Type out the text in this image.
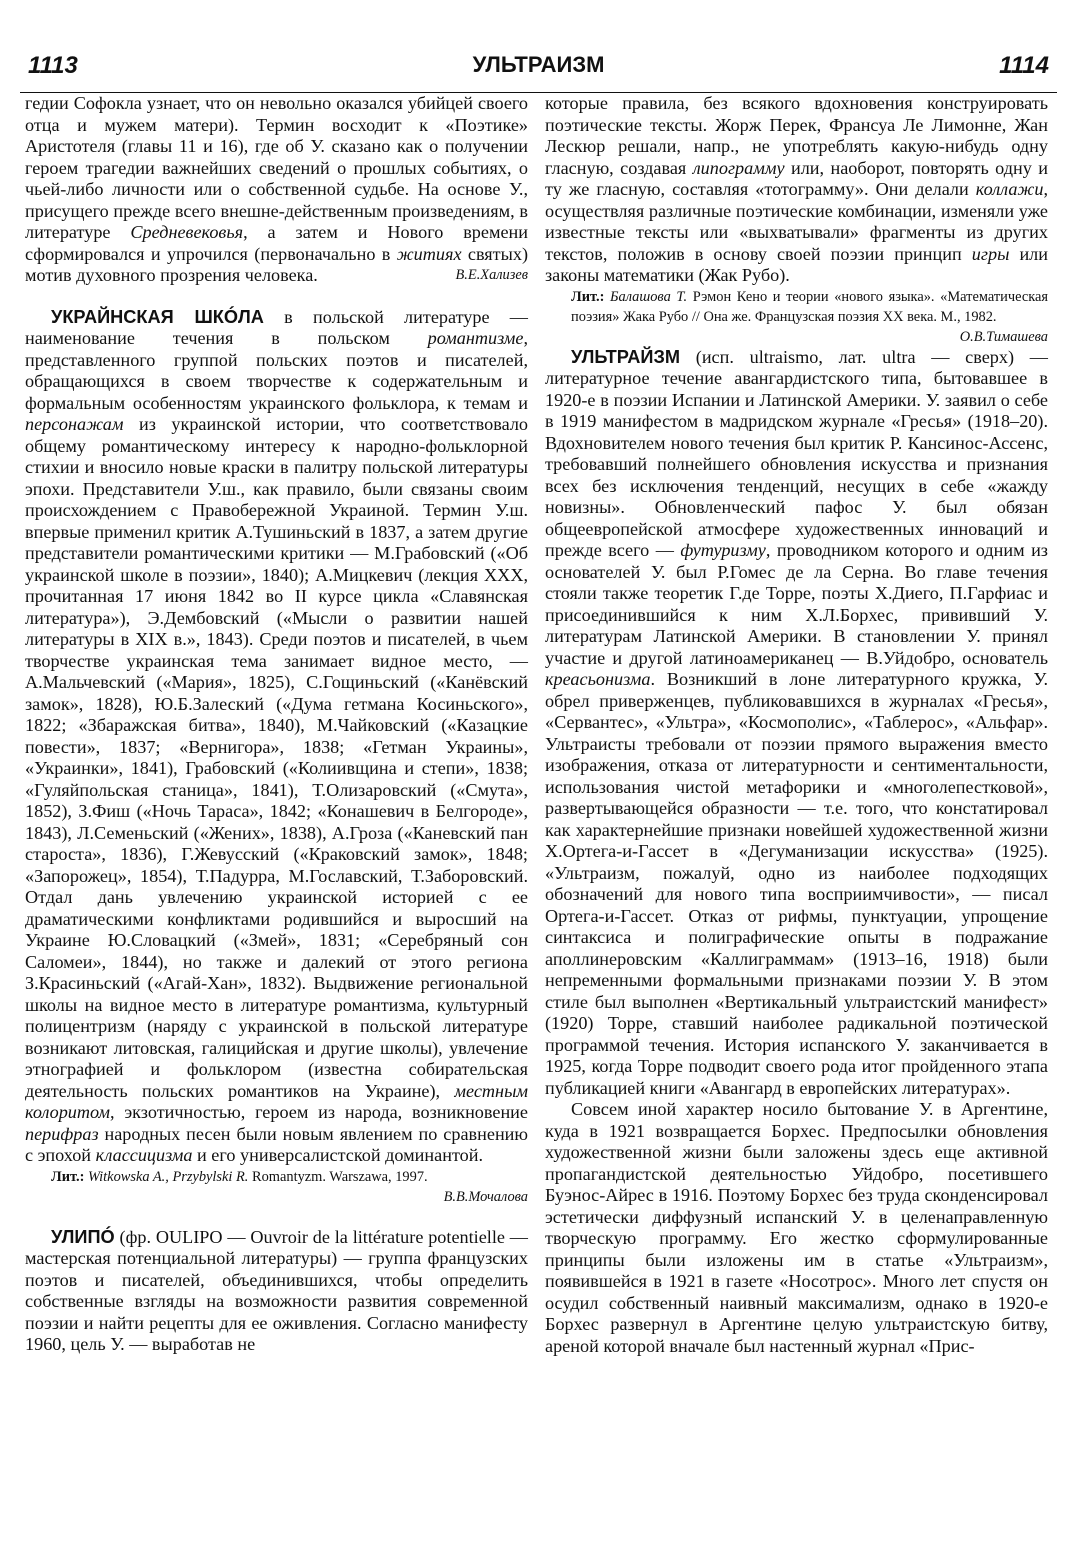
1113	УЛЬТРАИЗМ	1114

гедии Софокла узнает, что он невольно оказался убийцей своего отца и мужем матери). Термин восходит к «Поэтике» Аристотеля (главы 11 и 16), где об У. сказано как о получении героем трагедии важнейших сведений о прошлых событиях, о чьей-либо личности или о собственной судьбе. На основе У., присущего прежде всего внешне-действенным произведениям, в литературе Средневековья, а затем и Нового времени сформировался и упрочился (первоначально в житиях святых) мотив духовного прозрения человека.	В.Е.Хализев

УКРАЙНСКАЯ ШКÓЛА в польской литературе — наименование течения в польском романтизме, представленного группой польских поэтов и писателей, обращающихся в своем творчестве к содержательным и формальным особенностям украинского фольклора, к темам и персонажам из украинской истории, что соответствовало общему романтическому интересу к народно-фольклорной стихии и вносило новые краски в палитру польской литературы эпохи. Представители У.ш., как правило, были связаны своим происхождением с Правобережной Украиной. Термин У.ш. впервые применил критик А.Тушиньский в 1837, а затем другие представители романтическими критики — М.Грабовский («Об украинской школе в поэзии», 1840); А.Мицкевич (лекция XXX, прочитанная 17 июня 1842 во II курсе цикла «Славянская литература»), Э.Дембовский («Мысли о развитии нашей литературы в XIX в.», 1843). Среди поэтов и писателей, в чьем творчестве украинская тема занимает видное место, — А.Мальчевский («Мария», 1825), С.Гощиньский («Канёвский замок», 1828), Ю.Б.Залеский («Дума гетмана Косиньского», 1822; «Збаражская битва», 1840), М.Чайковский («Казацкие повести», 1837; «Вернигора», 1838; «Гетман Украины», «Украинки», 1841), Грабовский («Колиивщина и степи», 1838; «Гуляйпольская станица», 1841), Т.Олизаровский («Смута», 1852), З.Фиш («Ночь Тараса», 1842; «Конашевич в Белгороде», 1843), Л.Семеньский («Жених», 1838), А.Гроза («Каневский пан староста», 1836), Г.Жевусский («Краковский замок», 1848; «Запорожец», 1854), Т.Падурра, М.Гославский, Т.Заборовский. Отдал дань увлечению украинской историей с ее драматическими конфликтами родившийся и выросший на Украине Ю.Словацкий («Змей», 1831; «Серебряный сон Саломеи», 1844), но также и далекий от этого региона З.Красиньский («Агай-Хан», 1832). Выдвижение региональной школы на видное место в литературе романтизма, культурный полицентризм (наряду с украинской в польской литературе возникают литовская, галицийская и другие школы), увлечение этнографией и фольклором (известна собирательская деятельность польских романтиков на Украине), местным колоритом, экзотичностью, героем из народа, возникновение перифраз народных песен были новым явлением по сравнению с эпохой классицизма и его универсалистской доминантой.

Лит.: Witkowska A., Przybylski R. Romantyzm. Warszawa, 1997.

В.В.Мочалова

УЛИПÓ (фр. OULIPO — Ouvroir de la littérature potentielle — мастерская потенциальной литературы) — группа французских поэтов и писателей, объединившихся, чтобы определить собственные взгляды на возможности развития современной поэзии и найти рецепты для ее оживления. Согласно манифесту 1960, цель У. — выработав не

которые правила, без всякого вдохновения конструировать поэтические тексты. Жорж Перек, Франсуа Ле Лимонне, Жан Лескюр решали, напр., не употреблять какую-нибудь одну гласную, создавая липограмму или, наоборот, повторять одну и ту же гласную, составляя «тотограмму». Они делали коллажи, осуществляя различные поэтические комбинации, изменяли уже известные тексты или «выхватывали» фрагменты из других текстов, положив в основу своей поэзии принцип игры или законы математики (Жак Рубо).

Лит.: Балашова Т. Рэмон Кено и теории «нового языка». «Математическая поэзия» Жака Рубо // Она же. Французская поэзия XX века. М., 1982.
О.В.Тимашева

УЛЬТРАЙЗМ (исп. ultraismo, лат. ultra — сверх) — литературное течение авангардистского типа, бытовавшее в 1920-е в поэзии Испании и Латинской Америки. У. заявил о себе в 1919 манифестом в мадридском журнале «Гресья» (1918–20). Вдохновителем нового течения был критик Р. Кансинос-Ассенс, требовавший полнейшего обновления искусства и признания всех без исключения тенденций, несущих в себе «жажду новизны». Обновленческий пафос У. был обязан общеевропейской атмосфере художественных инноваций и прежде всего — футуризму, проводником которого и одним из основателей У. был Р.Гомес де ла Серна. Во главе течения стояли также теоретик Г.де Торре, поэты Х.Диего, П.Гарфиас и присоединившийся к ним Х.Л.Борхес, прививший У. литературам Латинской Америки. В становлении У. принял участие и другой латиноамериканец — В.Уйдобро, основатель креасьонизма. Возникший в лоне литературного кружка, У. обрел приверженцев, публиковавшихся в журналах «Гресья», «Сервантес», «Ультра», «Космополис», «Таблерос», «Альфар». Ультраисты требовали от поэзии прямого выражения вместо изображения, отказа от литературности и сентиментальности, использования чистой метафорики и «многолепестковой», развертывающейся образности — т.е. того, что констатировал как характернейшие признаки новейшей художественной жизни Х.Ортега-и-Гассет в «Дегуманизации искусства» (1925). «Ультраизм, пожалуй, одно из наиболее подходящих обозначений для нового типа восприимчивости», — писал Ортега-и-Гассет. Отказ от рифмы, пунктуации, упрощение синтаксиса и полиграфические опыты в подражание аполлинеровским «Каллиграммам» (1913–16, 1918) были непременными формальными признаками поэзии У. В этом стиле был выполнен «Вертикальный ультраистский манифест» (1920) Торре, ставший наиболее радикальной поэтической программой течения. История испанского У. заканчивается в 1925, когда Торре подводит своего рода итог пройденного этапа публикацией книги «Авангард в европейских литературах».

Совсем иной характер носило бытование У. в Аргентине, куда в 1921 возвращается Борхес. Предпосылки обновления художественной жизни были заложены здесь еще активной пропагандистской деятельностью Уйдобро, посетившего Буэнос-Айрес в 1916. Поэтому Борхес без труда сконденсировал эстетически диффузный испанский У. в целенаправленную творческую программу. Его жестко сформулированные принципы были изложены им в статье «Ультраизм», появившейся в 1921 в газете «Носотрос». Много лет спустя он осудил собственный наивный максимализм, однако в 1920-е Борхес развернул в Аргентине целую ультраистскую битву, ареной которой вначале был настенный журнал «Прис-
